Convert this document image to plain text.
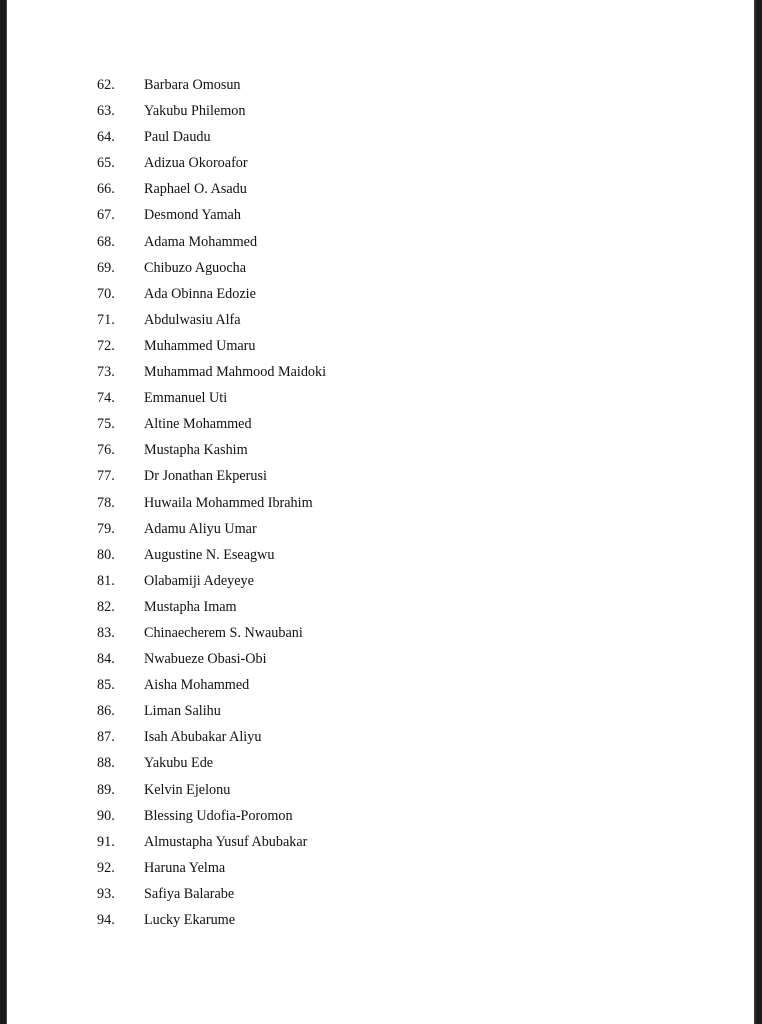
62.	Barbara Omosun
63.	Yakubu Philemon
64.	Paul Daudu
65.	Adizua Okoroafor
66.	Raphael O. Asadu
67.	Desmond Yamah
68.	Adama Mohammed
69.	Chibuzo Aguocha
70.	Ada Obinna Edozie
71.	Abdulwasiu Alfa
72.	Muhammed Umaru
73.	Muhammad Mahmood Maidoki
74.	Emmanuel Uti
75.	Altine Mohammed
76.	Mustapha Kashim
77.	Dr Jonathan Ekperusi
78.	Huwaila Mohammed Ibrahim
79.	Adamu Aliyu Umar
80.	Augustine N. Eseagwu
81.	Olabamiji Adeyeye
82.	Mustapha Imam
83.	Chinaecherem S. Nwaubani
84.	Nwabueze Obasi-Obi
85.	Aisha Mohammed
86.	Liman Salihu
87.	Isah Abubakar Aliyu
88.	Yakubu Ede
89.	Kelvin Ejelonu
90.	Blessing Udofia-Poromon
91.	Almustapha Yusuf Abubakar
92.	Haruna Yelma
93.	Safiya Balarabe
94.	Lucky Ekarume
